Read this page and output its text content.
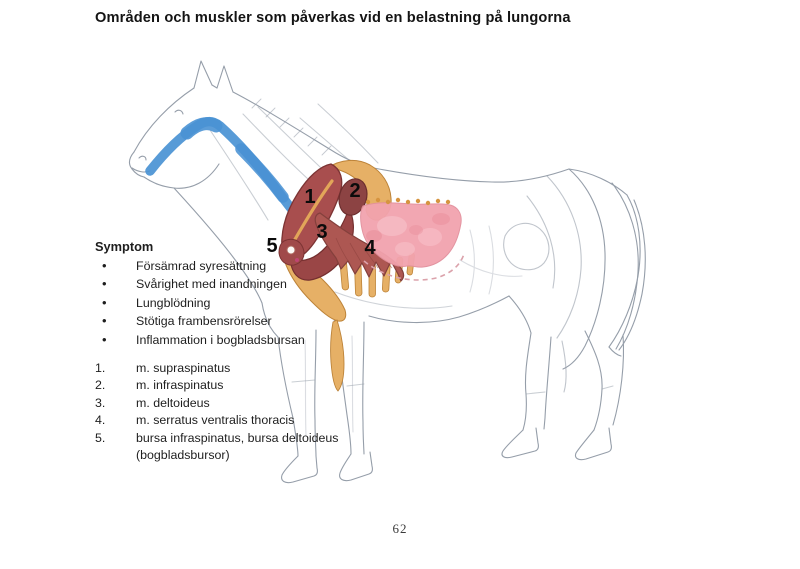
Områden och muskler som påverkas vid en belastning på lungorna
1 2
3
4
5
Symptom
• Försämrad syresättning
• Svårighet med inandningen
• Lungblödning
• Stötiga frambensrörelser
• Inflammation i bogbladsbursan
1. m. supraspinatus
2. m. infraspinatus
3. m. deltoideus
4. m. serratus ventralis thoracis
5. bursa infraspinatus, bursa deltoideus
(bogbladsbursor)
62
